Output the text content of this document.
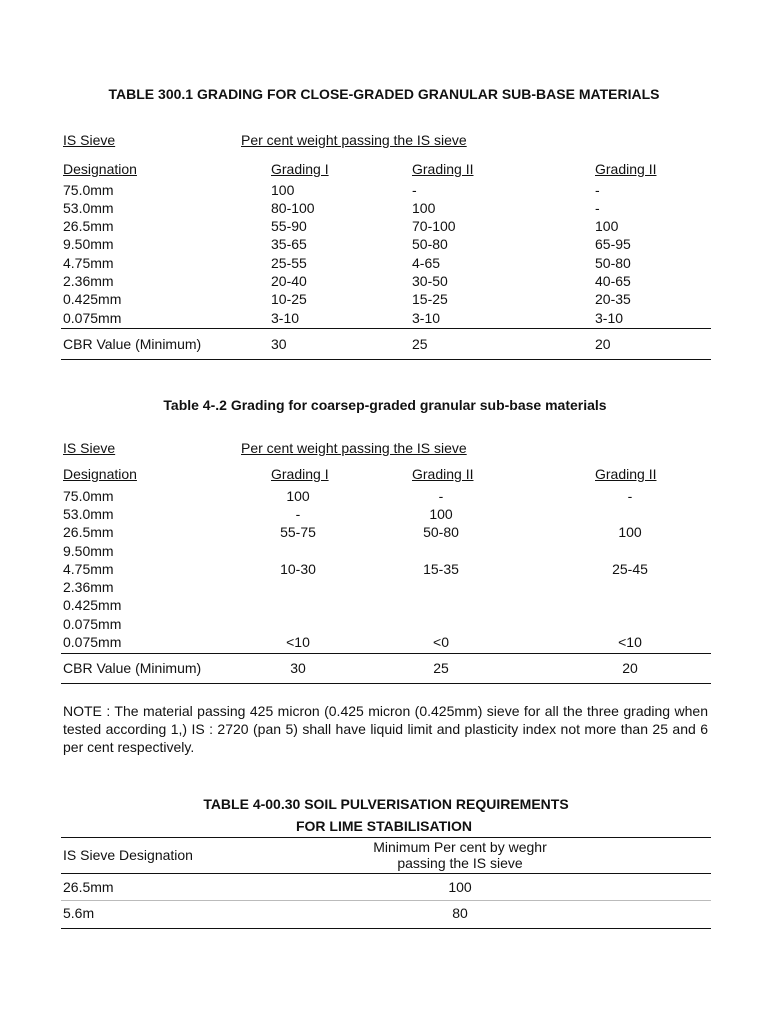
TABLE 300.1 GRADING FOR CLOSE-GRADED GRANULAR SUB-BASE MATERIALS
IS Sieve	Per cent weight passing the IS sieve
Designation	Grading I	Grading II	Grading II
75.0mm	100	-	-
53.0mm	80-100	100	-
26.5mm	55-90	70-100	100
9.50mm	35-65	50-80	65-95
4.75mm	25-55	4-65	50-80
2.36mm	20-40	30-50	40-65
0.425mm	10-25	15-25	20-35
0.075mm	3-10	3-10	3-10
CBR Value (Minimum)	30	25	20
Table 4-.2 Grading for coarsep-graded granular sub-base materials
IS Sieve	Per cent weight passing the IS sieve
Designation	Grading I	Grading II	Grading II
75.0mm	100	-	-
53.0mm	-	100
26.5mm	55-75	50-80	100
9.50mm
4.75mm	10-30	15-35	25-45
2.36mm
0.425mm
0.075mm
0.075mm	<10	<0	<10
CBR Value (Minimum)	30	25	20
NOTE : The material passing 425 micron (0.425 micron (0.425mm) sieve for all the three grading when tested according 1,) IS : 2720 (pan 5) shall have liquid limit and plasticity index not more than 25 and 6 per cent respectively.
TABLE 4-00.30 SOIL PULVERISATION REQUIREMENTS
FOR LIME STABILISATION
IS Sieve Designation	Minimum Per cent by weghr
passing the IS sieve
26.5mm	100
5.6m	80
